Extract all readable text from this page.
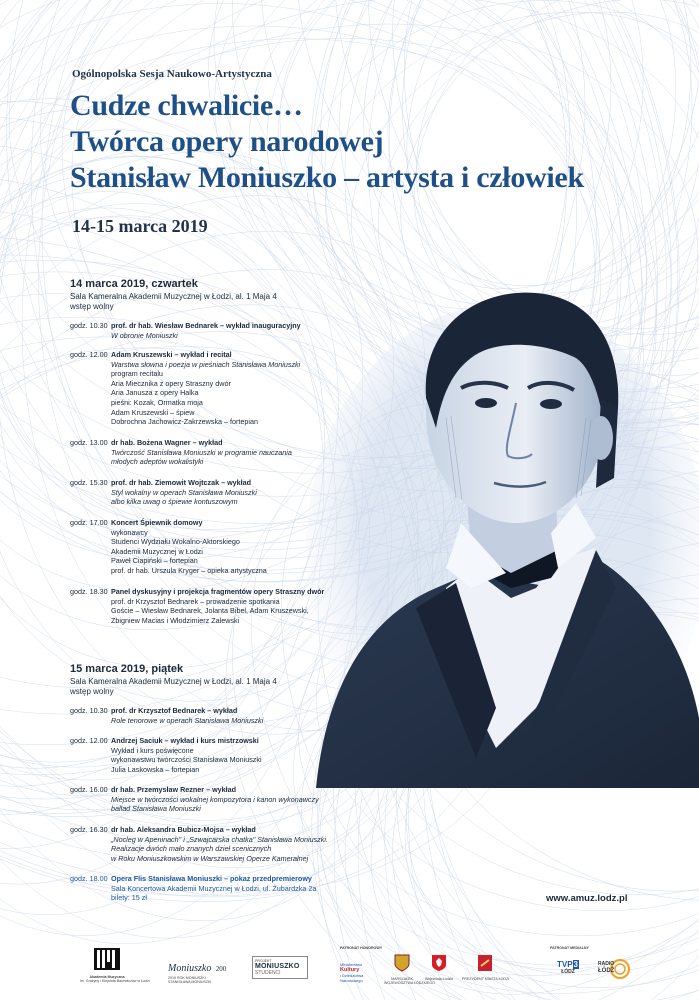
Ogólnopolska Sesja Naukowo-Artystyczna
Cudze chwalicie…
Twórca opery narodowej
Stanisław Moniuszko – artysta i człowiek
14-15 marca 2019
14 marca 2019, czwartek
Sala Kameralna Akademii Muzycznej w Łodzi, al. 1 Maja 4
wstęp wolny
godz. 10.30 prof. dr hab. Wiesław Bednarek – wykład inauguracyjny
W obronie Moniuszki
godz. 12.00 Adam Kruszewski – wykład i recital
Warstwa słowna i poezja w pieśniach Stanisława Moniuszki
program recitalu
Aria Miecznika z opery Straszny dwór
Aria Janusza z opery Halka
pieśni: Kozak, Ormatka moja
Adam Kruszewski – śpiew
Dobrochna Jachowicz-Zakrzewska – fortepian
godz. 13.00 dr hab. Bożena Wagner – wykład
Twórczość Stanisława Moniuszki w programie nauczania
młodych adeptów wokalistyki
godz. 15.30 prof. dr hab. Ziemowit Wojtczak – wykład
Styl wokalny w operach Stanisława Moniuszki
albo kilka uwag o śpiewie kontuszowym
godz. 17.00 Koncert Śpiewnik domowy
wykonawcy
Studenci Wydziału Wokalno-Aktorskiego
Akademii Muzycznej w Łodzi
Paweł Ciapiński – fortepian
prof. dr hab. Urszula Kryger – opieka artystyczna
godz. 18.30 Panel dyskusyjny i projekcja fragmentów opery Straszny dwór
prof. dr Krzysztof Bednarek – prowadzenie spotkania
Goście – Wiesław Bednarek, Jolanta Bibel, Adam Kruszewski,
Zbigniew Macias i Włodzimierz Zalewski
15 marca 2019, piątek
Sala Kameralna Akademii Muzycznej w Łodzi, al. 1 Maja 4
wstęp wolny
godz. 10.30 prof. dr Krzysztof Bednarek – wykład
Role tenorowe w operach Stanisława Moniuszki
godz. 12.00 Andrzej Saciuk – wykład i kurs mistrzowski
Wykład i kurs poświęcone
wykonawstwu twórczości Stanisława Moniuszki
Julia Laskowska – fortepian
godz. 16.00 dr hab. Przemysław Rezner – wykład
Miejsce w twórczości wokalnej kompozytora i kanon wykonawczy
ballad Stanisława Moniuszki
godz. 16.30 dr hab. Aleksandra Bubicz-Mojsa – wykład
„Nocleg w Apeninach" i „Szwajcarska chatka" Stanisława Moniuszki.
Realizacje dwóch mało znanych dzieł scenicznych
w Roku Moniuszkowskim w Warszawskiej Operze Kameralnej
godz. 18.00 Opera Flis Stanisława Moniuszki – pokaz przedpremierowy
Sala Koncertowa Akademii Muzycznej w Łodzi, ul. Żubardzka 2a
bilety: 15 zł	www.amuz.lodz.pl
Akademia Muzyczna
im. Grażyny i Kiejstuta Bacewiczów w Łodzi
Moniuszko 200
2019 ROK MONIUSZKI
STANISŁAWA MONIUSZKI
PROJEKT
MONIUSZKO
STUDENCI
PATRONAT HONOROWY
Ministerstwo
Kultury
i Dziedzictwa
Narodowego	MARSZAŁEK
WOJEWÓDZTWA ŁÓDZKIEGO
Wojewoda Łódzki PREZYDENT MIASTA ŁODZI
PATRONAT MEDIALNY
TVP3
ŁÓDŹ
RADIO
ŁÓDŹ
